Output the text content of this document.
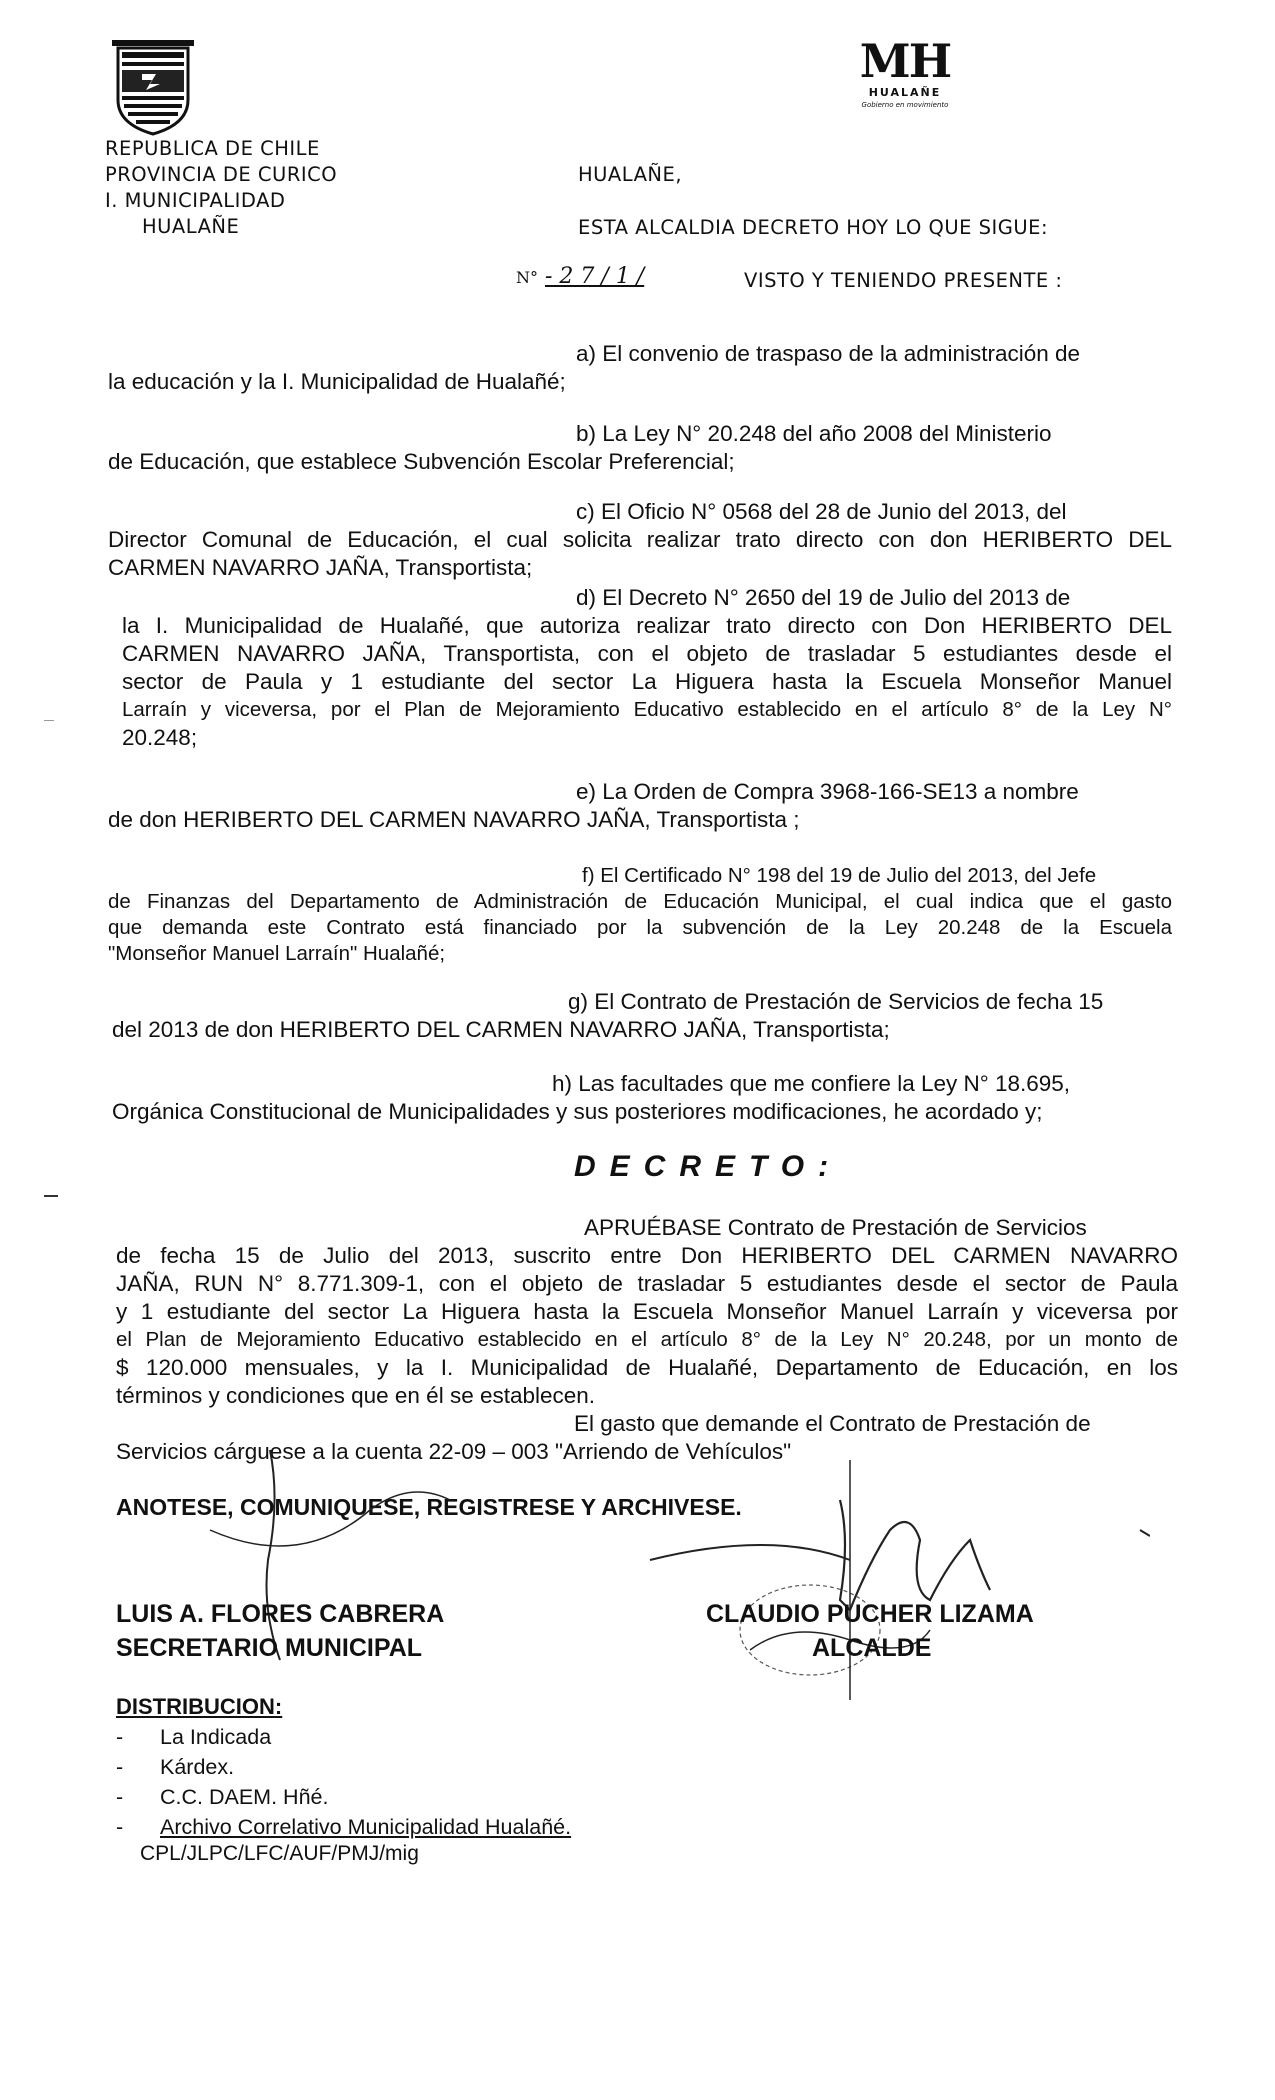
MH
HUALAÑE
Gobierno en movimiento
REPUBLICA DE CHILE
PROVINCIA DE CURICO
I. MUNICIPALIDAD
HUALAÑE
HUALAÑE,
ESTA ALCALDIA DECRETO HOY LO QUE SIGUE:
N° - 2 7 / 1 /	VISTO Y TENIENDO PRESENTE :
a) El convenio de traspaso de la administración de
la educación y la I. Municipalidad de Hualañé;
b) La Ley N° 20.248 del año 2008 del Ministerio
de Educación, que establece Subvención Escolar Preferencial;
c) El Oficio N° 0568 del 28 de Junio del 2013, del
Director Comunal de Educación, el cual solicita realizar trato directo con don HERIBERTO DEL
CARMEN NAVARRO JAÑA, Transportista;
d) El Decreto N° 2650 del 19 de Julio del 2013 de
la I. Municipalidad de Hualañé, que autoriza realizar trato directo con Don HERIBERTO DEL
CARMEN NAVARRO JAÑA, Transportista, con el objeto de trasladar 5 estudiantes desde el
sector de Paula y 1 estudiante del sector La Higuera hasta la Escuela Monseñor Manuel
Larraín y viceversa, por el Plan de Mejoramiento Educativo establecido en el artículo 8° de la Ley N°
20.248;
e) La Orden de Compra 3968-166-SE13 a nombre
de don HERIBERTO DEL CARMEN NAVARRO JAÑA, Transportista ;
f) El Certificado N° 198 del 19 de Julio del 2013, del Jefe
de Finanzas del Departamento de Administración de Educación Municipal, el cual indica que el gasto
que demanda este Contrato está financiado por la subvención de la Ley 20.248 de la Escuela
"Monseñor Manuel Larraín" Hualañé;
g) El Contrato de Prestación de Servicios de fecha 15
del 2013 de don HERIBERTO DEL CARMEN NAVARRO JAÑA, Transportista;
h) Las facultades que me confiere la Ley N° 18.695,
Orgánica Constitucional de Municipalidades y sus posteriores modificaciones, he acordado y;
DECRETO:
APRUÉBASE Contrato de Prestación de Servicios
de fecha 15 de Julio del 2013, suscrito entre Don HERIBERTO DEL CARMEN NAVARRO
JAÑA, RUN N° 8.771.309-1, con el objeto de trasladar 5 estudiantes desde el sector de Paula
y 1 estudiante del sector La Higuera hasta la Escuela Monseñor Manuel Larraín y viceversa por
el Plan de Mejoramiento Educativo establecido en el artículo 8° de la Ley N° 20.248, por un monto de
$ 120.000 mensuales, y la I. Municipalidad de Hualañé, Departamento de Educación, en los
términos y condiciones que en él se establecen.
El gasto que demande el Contrato de Prestación de
Servicios cárguese a la cuenta 22-09 – 003 "Arriendo de Vehículos"
ANOTESE, COMUNIQUESE, REGISTRESE Y ARCHIVESE.
LUIS A. FLORES CABRERA
SECRETARIO MUNICIPAL
CLAUDIO PUCHER LIZAMA
ALCALDE
DISTRIBUCION:
- La Indicada
- Kárdex.
- C.C. DAEM. Hñé.
- Archivo Correlativo Municipalidad Hualañé.
CPL/JLPC/LFC/AUF/PMJ/mig
